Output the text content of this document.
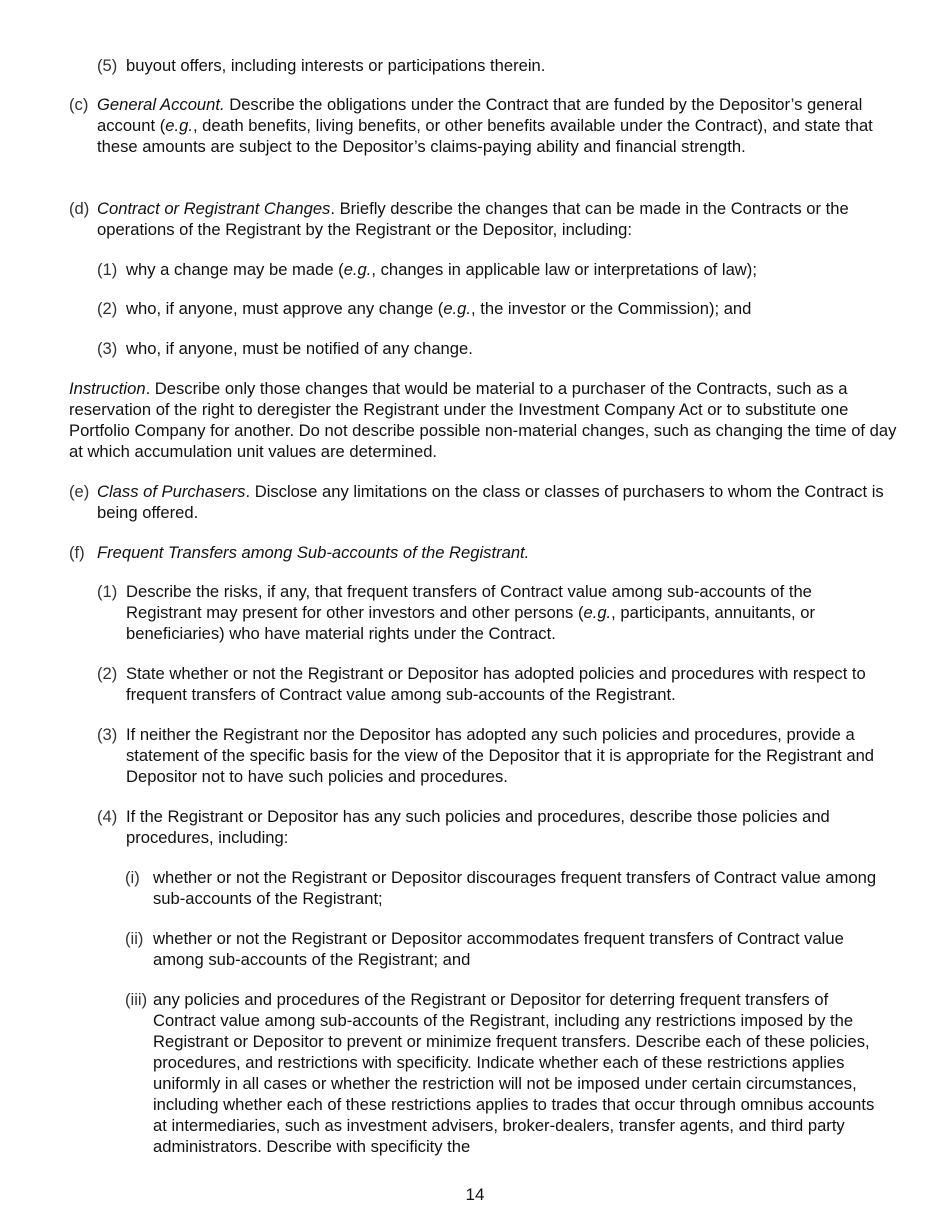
(5) buyout offers, including interests or participations therein.
(c) General Account. Describe the obligations under the Contract that are funded by the Depositor’s general account (e.g., death benefits, living benefits, or other benefits available under the Contract), and state that these amounts are subject to the Depositor’s claims-paying ability and financial strength.
(d) Contract or Registrant Changes. Briefly describe the changes that can be made in the Contracts or the operations of the Registrant by the Registrant or the Depositor, including:
(1) why a change may be made (e.g., changes in applicable law or interpretations of law);
(2) who, if anyone, must approve any change (e.g., the investor or the Commission); and
(3) who, if anyone, must be notified of any change.
Instruction. Describe only those changes that would be material to a purchaser of the Contracts, such as a reservation of the right to deregister the Registrant under the Investment Company Act or to substitute one Portfolio Company for another. Do not describe possible non-material changes, such as changing the time of day at which accumulation unit values are determined.
(e) Class of Purchasers. Disclose any limitations on the class or classes of purchasers to whom the Contract is being offered.
(f) Frequent Transfers among Sub-accounts of the Registrant.
(1) Describe the risks, if any, that frequent transfers of Contract value among sub-accounts of the Registrant may present for other investors and other persons (e.g., participants, annuitants, or beneficiaries) who have material rights under the Contract.
(2) State whether or not the Registrant or Depositor has adopted policies and procedures with respect to frequent transfers of Contract value among sub-accounts of the Registrant.
(3) If neither the Registrant nor the Depositor has adopted any such policies and procedures, provide a statement of the specific basis for the view of the Depositor that it is appropriate for the Registrant and Depositor not to have such policies and procedures.
(4) If the Registrant or Depositor has any such policies and procedures, describe those policies and procedures, including:
(i) whether or not the Registrant or Depositor discourages frequent transfers of Contract value among sub-accounts of the Registrant;
(ii) whether or not the Registrant or Depositor accommodates frequent transfers of Contract value among sub-accounts of the Registrant; and
(iii) any policies and procedures of the Registrant or Depositor for deterring frequent transfers of Contract value among sub-accounts of the Registrant, including any restrictions imposed by the Registrant or Depositor to prevent or minimize frequent transfers. Describe each of these policies, procedures, and restrictions with specificity. Indicate whether each of these restrictions applies uniformly in all cases or whether the restriction will not be imposed under certain circumstances, including whether each of these restrictions applies to trades that occur through omnibus accounts at intermediaries, such as investment advisers, broker-dealers, transfer agents, and third party administrators. Describe with specificity the
14
